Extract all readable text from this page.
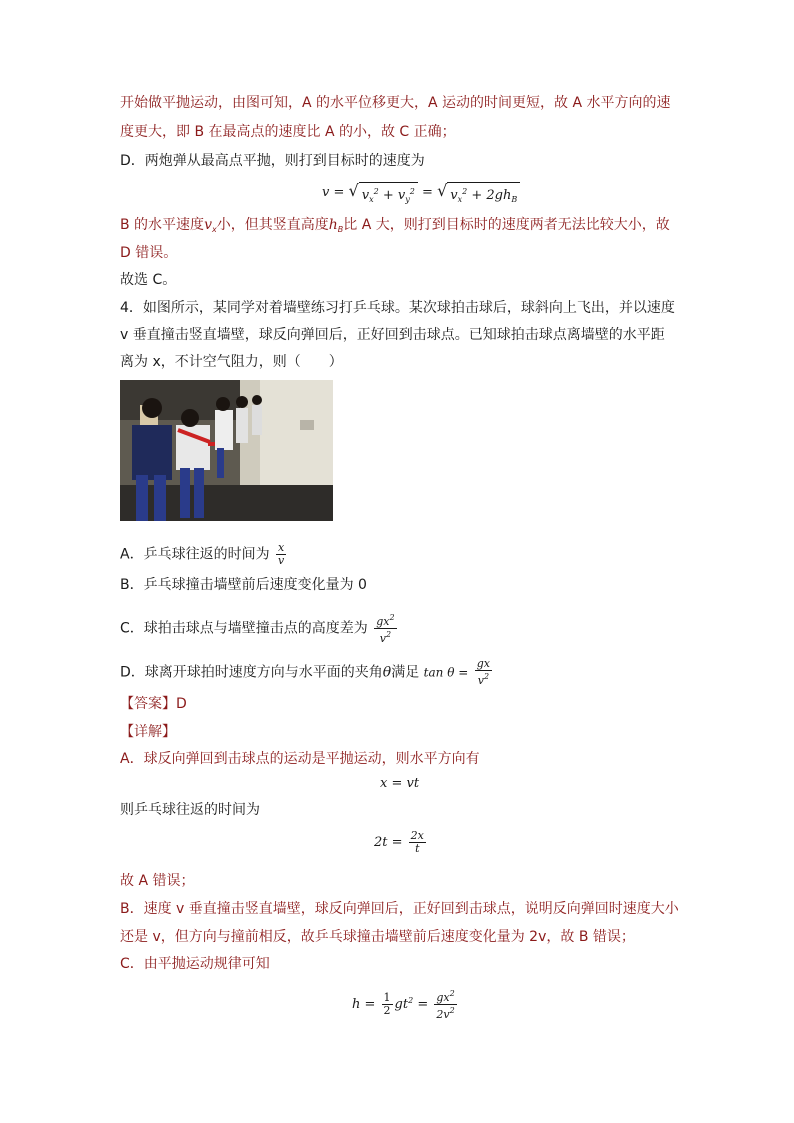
开始做平抛运动，由图可知，A 的水平位移更大，A 运动的时间更短，故 A 水平方向的速
度更大，即 B 在最高点的速度比 A 的小，故 C 正确；
D．两炮弹从最高点平抛，则打到目标时的速度为
v = √ $v_x^2 + v_y^2$ = √ $v_x^2 + 2gh_B$
B 的水平速度$v_x$小，但其竖直高度$h_B$比 A 大，则打到目标时的速度两者无法比较大小，故
D 错误。
故选 C。
4．如图所示，某同学对着墙壁练习打乒乓球。某次球拍击球后，球斜向上飞出，并以速度
v 垂直撞击竖直墙壁，球反向弹回后，正好回到击球点。已知球拍击球点离墙壁的水平距
离为 x，不计空气阻力，则（　　）
A．乒乓球往返的时间为 $\frac{x}{v}$
B．乒乓球撞击墙壁前后速度变化量为 0
C．球拍击球点与墙壁撞击点的高度差为 $\frac{gx^2}{v^2}$
D．球离开球拍时速度方向与水平面的夹角θ满足 $\tan \theta = \frac{gx}{v^2}$
【答案】D
【详解】
A．球反向弹回到击球点的运动是平抛运动，则水平方向有
x = vt
则乒乓球往返的时间为
$2t = \frac{2x}{t}$
故 A 错误；
B．速度 v 垂直撞击竖直墙壁，球反向弹回后，正好回到击球点，说明反向弹回时速度大小
还是 v，但方向与撞前相反，故乒乓球撞击墙壁前后速度变化量为 2v，故 B 错误；
C．由平抛运动规律可知
$h = \frac{1}{2} gt^2 = \frac{gx^2}{2v^2}$
